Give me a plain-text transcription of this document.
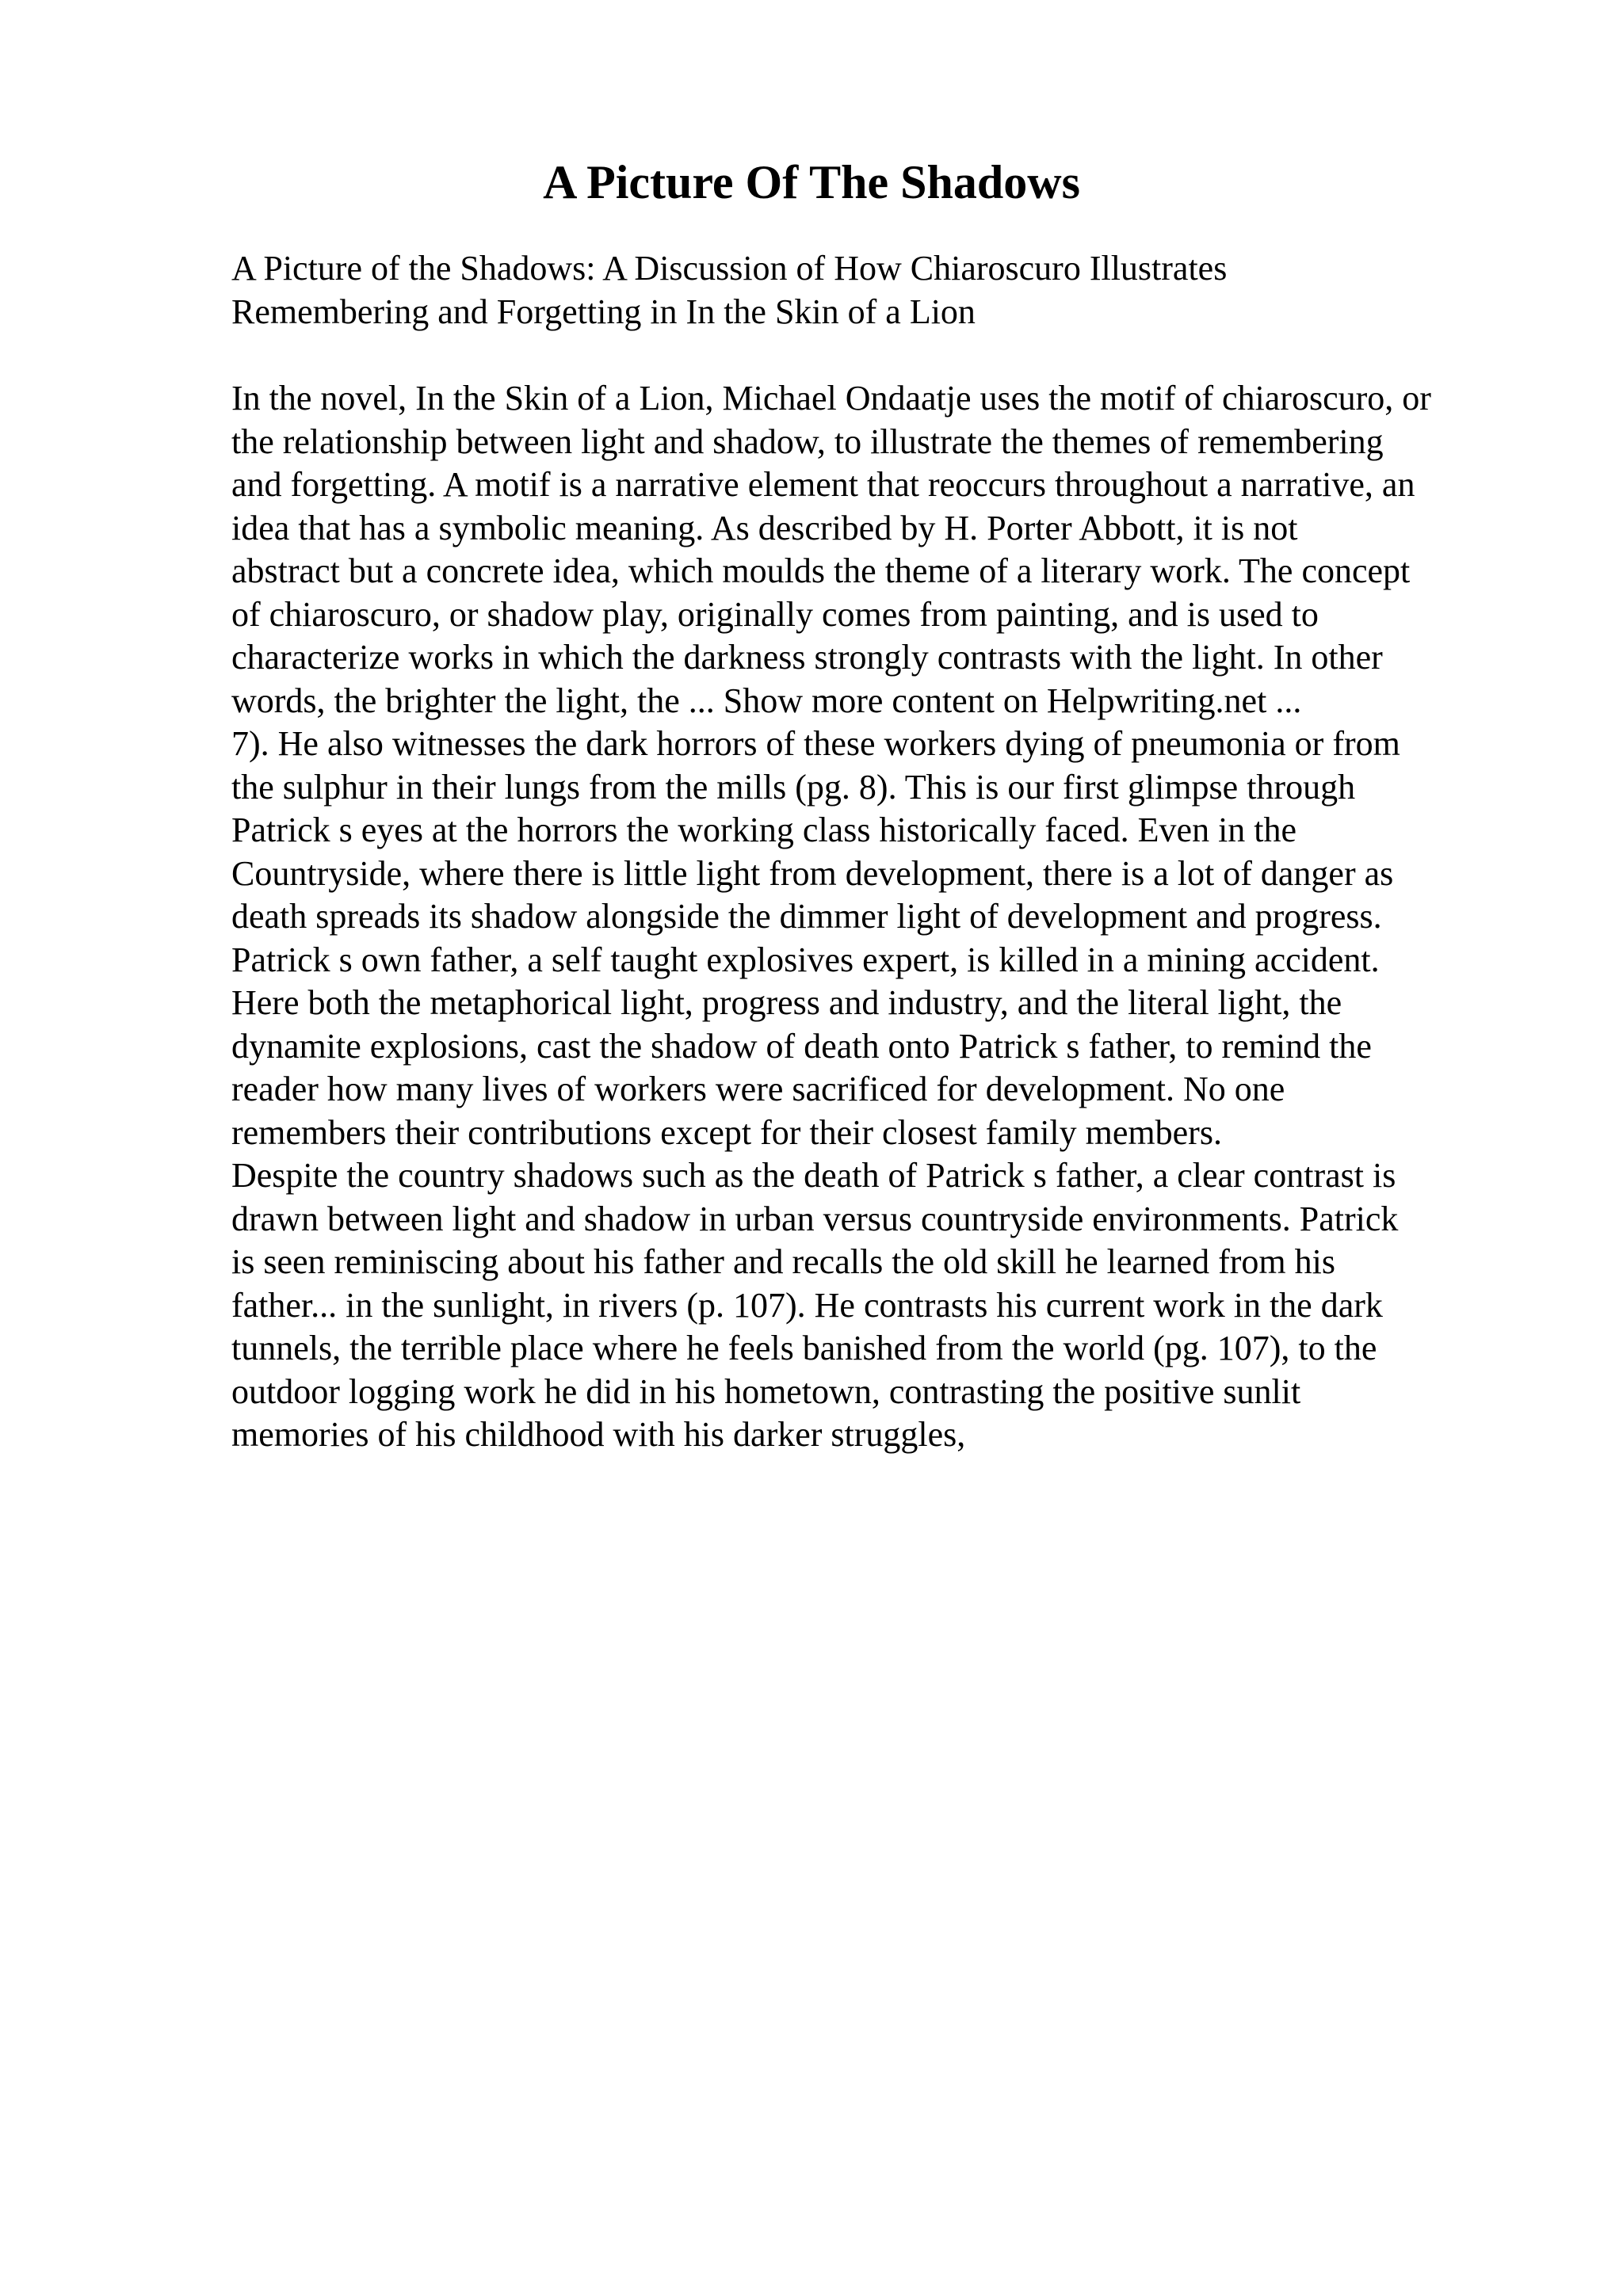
A Picture Of The Shadows
A Picture of the Shadows: A Discussion of How Chiaroscuro Illustrates
Remembering and Forgetting in In the Skin of a Lion
In the novel, In the Skin of a Lion, Michael Ondaatje uses the motif of chiaroscuro, or
the relationship between light and shadow, to illustrate the themes of remembering
and forgetting. A motif is a narrative element that reoccurs throughout a narrative, an
idea that has a symbolic meaning. As described by H. Porter Abbott, it is not
abstract but a concrete idea, which moulds the theme of a literary work. The concept
of chiaroscuro, or shadow play, originally comes from painting, and is used to
characterize works in which the darkness strongly contrasts with the light. In other
words, the brighter the light, the ... Show more content on Helpwriting.net ...
7). He also witnesses the dark horrors of these workers dying of pneumonia or from
the sulphur in their lungs from the mills (pg. 8). This is our first glimpse through
Patrick s eyes at the horrors the working class historically faced. Even in the
Countryside, where there is little light from development, there is a lot of danger as
death spreads its shadow alongside the dimmer light of development and progress.
Patrick s own father, a self taught explosives expert, is killed in a mining accident.
Here both the metaphorical light, progress and industry, and the literal light, the
dynamite explosions, cast the shadow of death onto Patrick s father, to remind the
reader how many lives of workers were sacrificed for development. No one
remembers their contributions except for their closest family members.
Despite the country shadows such as the death of Patrick s father, a clear contrast is
drawn between light and shadow in urban versus countryside environments. Patrick
is seen reminiscing about his father and recalls the old skill he learned from his
father... in the sunlight, in rivers (p. 107). He contrasts his current work in the dark
tunnels, the terrible place where he feels banished from the world (pg. 107), to the
outdoor logging work he did in his hometown, contrasting the positive sunlit
memories of his childhood with his darker struggles,
